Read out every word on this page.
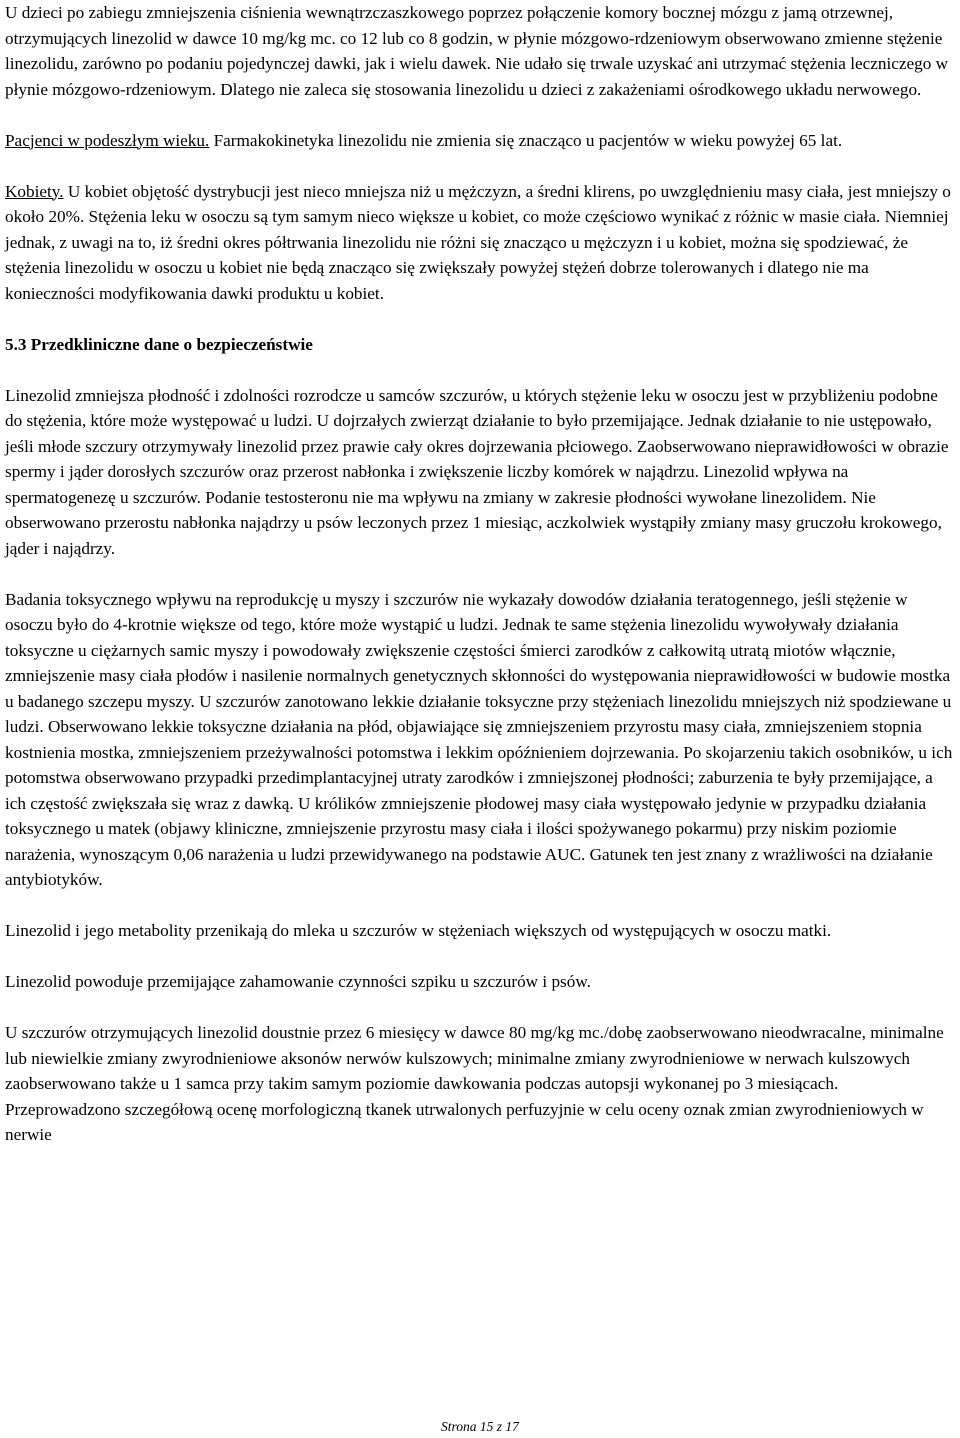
U dzieci po zabiegu zmniejszenia ciśnienia wewnątrzczaszkowego poprzez połączenie komory bocznej mózgu z jamą otrzewnej, otrzymujących linezolid w dawce 10 mg/kg mc. co 12 lub co 8 godzin, w płynie mózgowo-rdzeniowym obserwowano zmienne stężenie linezolidu, zarówno po podaniu pojedynczej dawki, jak i wielu dawek. Nie udało się trwale uzyskać ani utrzymać stężenia leczniczego w płynie mózgowo-rdzeniowym. Dlatego nie zaleca się stosowania linezolidu u dzieci z zakażeniami ośrodkowego układu nerwowego.

Pacjenci w podeszłym wieku. Farmakokinetyka linezolidu nie zmienia się znacząco u pacjentów w wieku powyżej 65 lat.

Kobiety. U kobiet objętość dystrybucji jest nieco mniejsza niż u mężczyzn, a średni klirens, po uwzględnieniu masy ciała, jest mniejszy o około 20%. Stężenia leku w osoczu są tym samym nieco większe u kobiet, co może częściowo wynikać z różnic w masie ciała. Niemniej jednak, z uwagi na to, iż średni okres półtrwania linezolidu nie różni się znacząco u mężczyzn i u kobiet, można się spodziewać, że stężenia linezolidu w osoczu u kobiet nie będą znacząco się zwiększały powyżej stężeń dobrze tolerowanych i dlatego nie ma konieczności modyfikowania dawki produktu u kobiet.

5.3 Przedkliniczne dane o bezpieczeństwie

Linezolid zmniejsza płodność i zdolności rozrodcze u samców szczurów, u których stężenie leku w osoczu jest w przybliżeniu podobne do stężenia, które może występować u ludzi. U dojrzałych zwierząt działanie to było przemijające. Jednak działanie to nie ustępowało, jeśli młode szczury otrzymywały linezolid przez prawie cały okres dojrzewania płciowego. Zaobserwowano nieprawidłowości w obrazie spermy i jąder dorosłych szczurów oraz przerost nabłonka i zwiększenie liczby komórek w najądrzu. Linezolid wpływa na spermatogenezę u szczurów. Podanie testosteronu nie ma wpływu na zmiany w zakresie płodności wywołane linezolidem. Nie obserwowano przerostu nabłonka najądrzy u psów leczonych przez 1 miesiąc, aczkolwiek wystąpiły zmiany masy gruczołu krokowego, jąder i najądrzy.

Badania toksycznego wpływu na reprodukcję u myszy i szczurów nie wykazały dowodów działania teratogennego, jeśli stężenie w osoczu było do 4-krotnie większe od tego, które może wystąpić u ludzi. Jednak te same stężenia linezolidu wywoływały działania toksyczne u ciężarnych samic myszy i powodowały zwiększenie częstości śmierci zarodków z całkowitą utratą miotów włącznie, zmniejszenie masy ciała płodów i nasilenie normalnych genetycznych skłonności do występowania nieprawidłowości w budowie mostka u badanego szczepu myszy. U szczurów zanotowano lekkie działanie toksyczne przy stężeniach linezolidu mniejszych niż spodziewane u ludzi. Obserwowano lekkie toksyczne działania na płód, objawiające się zmniejszeniem przyrostu masy ciała, zmniejszeniem stopnia kostnienia mostka, zmniejszeniem przeżywalności potomstwa i lekkim opóźnieniem dojrzewania. Po skojarzeniu takich osobników, u ich potomstwa obserwowano przypadki przedimplantacyjnej utraty zarodków i zmniejszonej płodności; zaburzenia te były przemijające, a ich częstość zwiększała się wraz z dawką. U królików zmniejszenie płodowej masy ciała występowało jedynie w przypadku działania toksycznego u matek (objawy kliniczne, zmniejszenie przyrostu masy ciała i ilości spożywanego pokarmu) przy niskim poziomie narażenia, wynoszącym 0,06 narażenia u ludzi przewidywanego na podstawie AUC. Gatunek ten jest znany z wrażliwości na działanie antybiotyków.

Linezolid i jego metabolity przenikają do mleka u szczurów w stężeniach większych od występujących w osoczu matki.

Linezolid powoduje przemijające zahamowanie czynności szpiku u szczurów i psów.

U szczurów otrzymujących linezolid doustnie przez 6 miesięcy w dawce 80 mg/kg mc./dobę zaobserwowano nieodwracalne, minimalne lub niewielkie zmiany zwyrodnieniowe aksonów nerwów kulszowych; minimalne zmiany zwyrodnieniowe w nerwach kulszowych zaobserwowano także u 1 samca przy takim samym poziomie dawkowania podczas autopsji wykonanej po 3 miesiącach. Przeprowadzono szczegółową ocenę morfologiczną tkanek utrwalonych perfuzyjnie w celu oceny oznak zmian zwyrodnieniowych w nerwie

Strona 15 z 17
